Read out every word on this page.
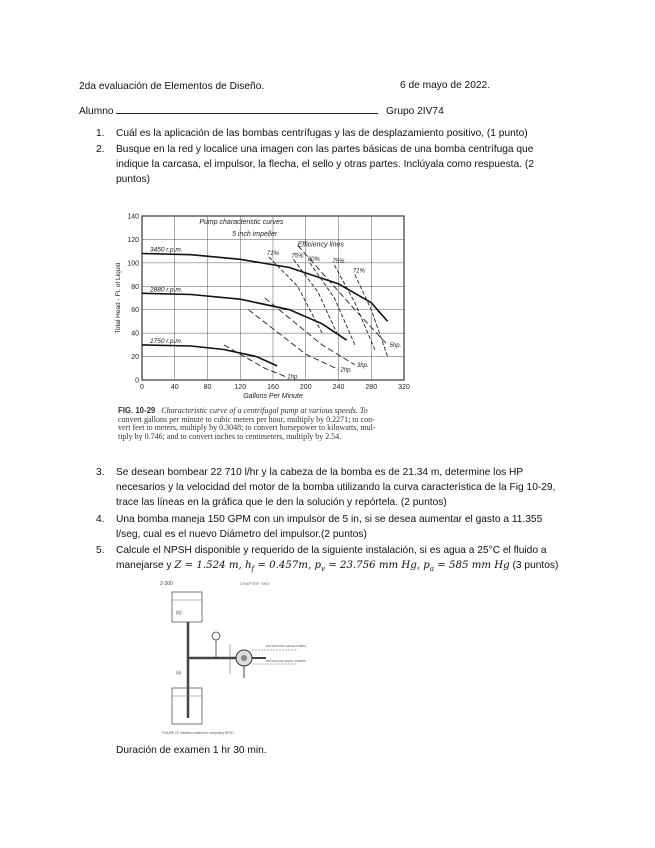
2da evaluación de Elementos de Diseño.	6 de mayo de 2022.
Alumno	Grupo 2IV74
1. Cuál es la aplicación de las bombas centrífugas y las de desplazamiento positivo, (1 punto)
2. Busque en la red y localice una imagen con las partes básicas de una bomba centrífuga que
indique la carcasa, el impulsor, la flecha, el sello y otras partes. Inclúyala como respuesta. (2
puntos)
0	40	80	120	160	200	240	280	320
0
20
40
60
80
100
120
140
Gallons Per Minute
Total Head - Ft. of Liquid
Pump characteristic curves
5 inch impeller
Efficiency lines
3450 r.p.m.
2880 r.p.m.
1750 r.p.m.
71% 75%
80% 75%
71%
5hp.
3hp.
2hp.
1hp
FIG. 10-29 Characteristic curve of a centrifugal pump at various speeds. To
convert gallons per minute to cubic meters per hour, multiply by 0.2271; to con-
vert feet to meters, multiply by 0.3048; to convert horsepower to kilowatts, mul-
tiply by 0.746; and to convert inches to centimeters, multiply by 2.54.
3. Se desean bombear 22 710 l/hr y la cabeza de la bomba es de 21.34 m, determine los HP
necesarios y la velocidad del motor de la bomba utilizando la curva característica de la Fig 10-29,
trace las líneas en la gráfica que le den la solución y repórtela. (2 puntos)
4. Una bomba maneja 150 GPM con un impulsor de 5 in, si se desea aumentar el gasto a 11.355
l/seg, cual es el nuevo Diámetro del impulsor.(2 puntos)
5. Calcule el NPSH disponible y requerido de la siguiente instalación, si es agua a 25°C el fluido a
manejarse y Z = 1.524 m, $h_f = 0.457m$, $p_v = 23.756$ mm Hg, $p_a = 585$ mm Hg (3 puntos)
2-300	CHAPTER TWO
(b)
(a)
DATUM FOR LARGE PUMPS
DATUM FOR SMALL PUMPS
FIGURE 22. Definition sketch for computing NPSH
Duración de examen 1 hr 30 min.
